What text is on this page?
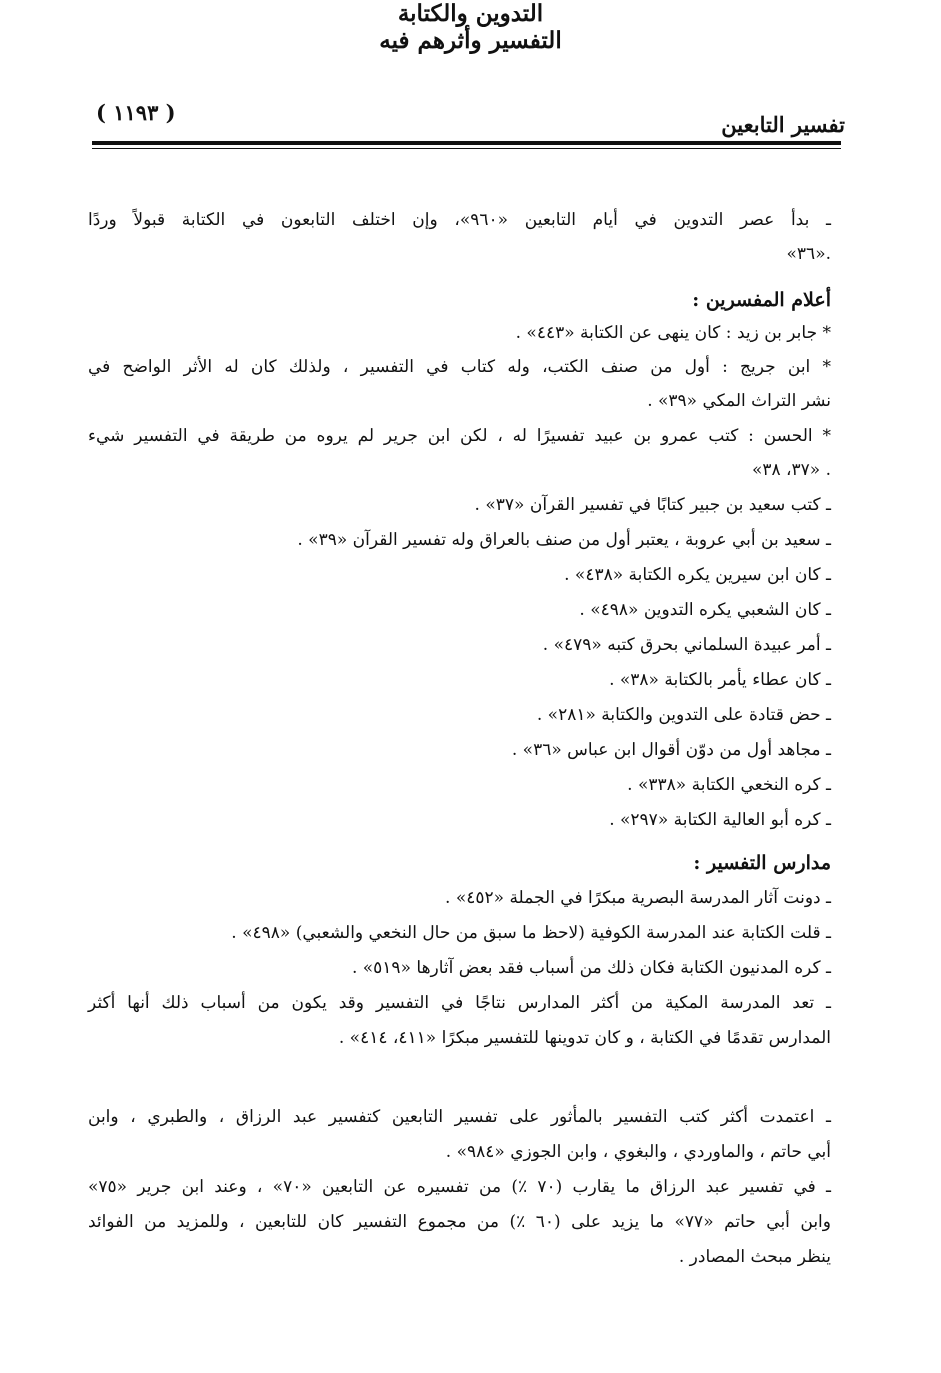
تفسير التابعين
( ١١٩٣ )
التدوين والكتابة
ـ بدأ عصر التدوين في أيام التابعين «٩٦٠»، وإن اختلف التابعون في الكتابة قبولاً وردًا
«٣٦».
أعلام المفسرين :
* جابر بن زيد : كان ينهى عن الكتابة «٤٤٣» .
* ابن جريج : أول من صنف الكتب، وله كتاب في التفسير ، ولذلك كان له الأثر الواضح في
نشر التراث المكي «٣٩» .
* الحسن : كتب عمرو بن عبيد تفسيرًا له ، لكن ابن جرير لم يروه من طريقة في التفسير شيء
«٣٧، ٣٨» .
ـ كتب سعيد بن جبير كتابًا في تفسير القرآن «٣٧» .
ـ سعيد بن أبي عروبة ، يعتبر أول من صنف بالعراق وله تفسير القرآن «٣٩» .
ـ كان ابن سيرين يكره الكتابة «٤٣٨» .
ـ كان الشعبي يكره التدوين «٤٩٨» .
ـ أمر عبيدة السلماني بحرق كتبه «٤٧٩» .
ـ كان عطاء يأمر بالكتابة «٣٨» .
ـ حض قتادة على التدوين والكتابة «٢٨١» .
ـ مجاهد أول من دوّن أقوال ابن عباس «٣٦» .
ـ كره النخعي الكتابة «٣٣٨» .
ـ كره أبو العالية الكتابة «٢٩٧» .
مدارس التفسير :
ـ دونت آثار المدرسة البصرية مبكرًا في الجملة «٤٥٢» .
ـ قلت الكتابة عند المدرسة الكوفية (لاحظ ما سبق من حال النخعي والشعبي) «٤٩٨» .
ـ كره المدنيون الكتابة فكان ذلك من أسباب فقد بعض آثارها «٥١٩» .
ـ تعد المدرسة المكية من أكثر المدارس نتاجًا في التفسير وقد يكون من أسباب ذلك أنها أكثر
المدارس تقدمًا في الكتابة ، و كان تدوينها للتفسير مبكرًا «٤١١، ٤١٤» .
التفسير وأثرهم فيه
ـ اعتمدت أكثر كتب التفسير بالمأثور على تفسير التابعين كتفسير عبد الرزاق ، والطبري ، وابن
أبي حاتم ، والماوردي ، والبغوي ، وابن الجوزي «٩٨٤» .
ـ في تفسير عبد الرزاق ما يقارب (٧٠ ٪) من تفسيره عن التابعين «٧٠» ، وعند ابن جرير «٧٥»
وابن أبي حاتم «٧٧» ما يزيد على (٦٠ ٪) من مجموع التفسير كان للتابعين ، وللمزيد من الفوائد
ينظر مبحث المصادر .
